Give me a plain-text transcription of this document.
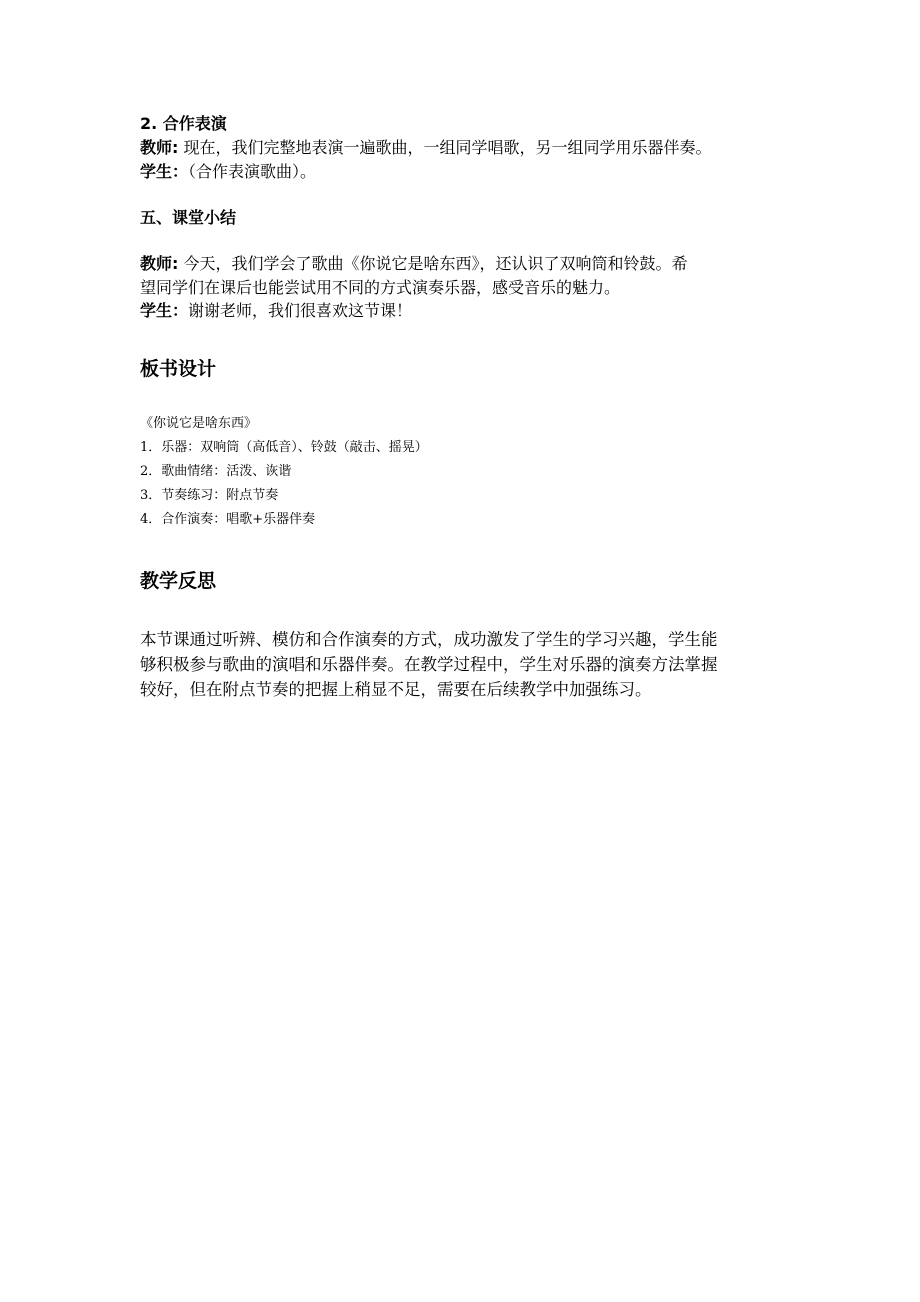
2. 合作表演
教师: 现在，我们完整地表演一遍歌曲，一组同学唱歌，另一组同学用乐器伴奏。
学生：（合作表演歌曲）。
五、课堂小结
教师: 今天，我们学会了歌曲《你说它是啥东西》，还认识了双响筒和铃鼓。希
望同学们在课后也能尝试用不同的方式演奏乐器，感受音乐的魅力。
学生：谢谢老师，我们很喜欢这节课！
板书设计
《你说它是啥东西》
1．乐器：双响筒（高低音）、铃鼓（敲击、摇晃）
2．歌曲情绪：活泼、诙谐
3．节奏练习：附点节奏
4．合作演奏：唱歌+乐器伴奏
教学反思
本节课通过听辨、模仿和合作演奏的方式，成功激发了学生的学习兴趣，学生能
够积极参与歌曲的演唱和乐器伴奏。在教学过程中，学生对乐器的演奏方法掌握
较好，但在附点节奏的把握上稍显不足，需要在后续教学中加强练习。
